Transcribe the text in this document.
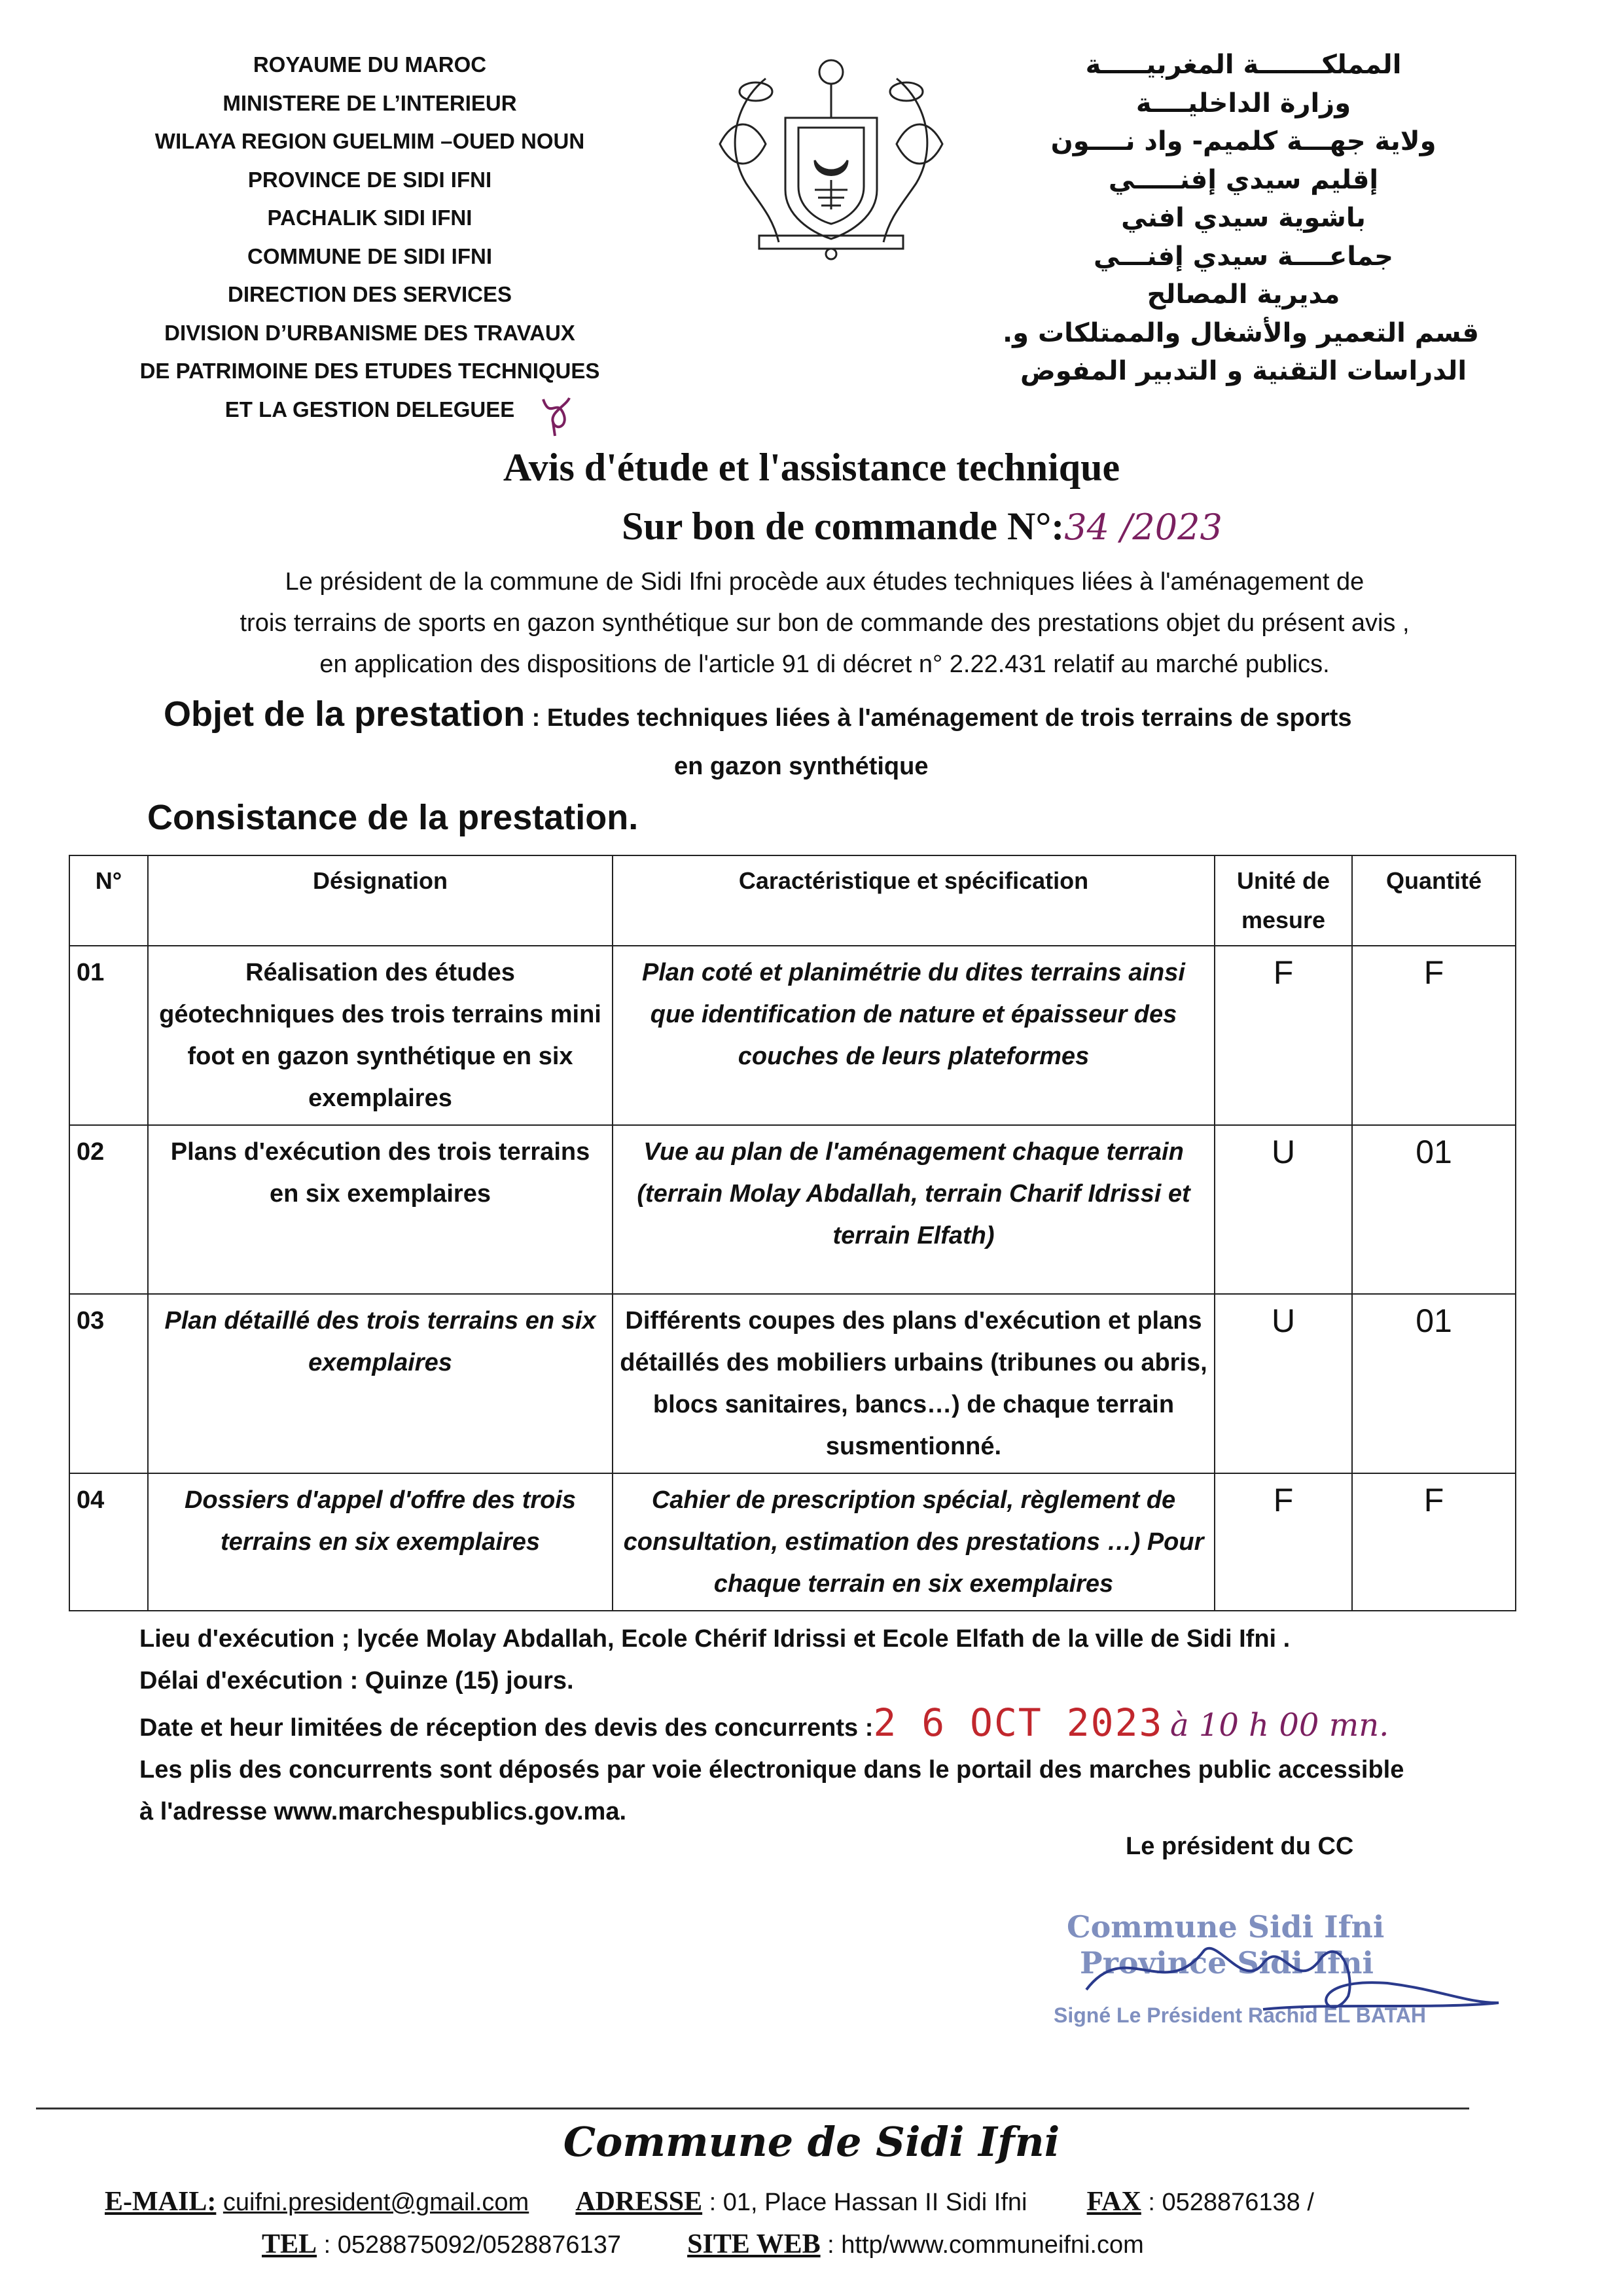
ROYAUME DU MAROC
MINISTERE DE L’INTERIEUR
WILAYA REGION GUELMIM –OUED NOUN
PROVINCE DE SIDI IFNI
PACHALIK SIDI IFNI
COMMUNE DE SIDI IFNI
DIRECTION DES SERVICES
DIVISION D’URBANISME DES TRAVAUX
DE PATRIMOINE DES ETUDES TECHNIQUES
ET LA GESTION DELEGUEE
المملكـــــــة المغربيـــــة
وزارة الداخليــــة
ولاية جهـــة كلميم- واد نــــون
إقليم سيدي إفنـــــي
باشوية سيدي افني
جماعــــة سيدي إفنـــي
مديرية المصالح
قسم التعمير والأشغال والممتلكات و.
الدراسات التقنية و التدبير المفوض
Avis d'étude et l'assistance technique
Sur bon de commande N°:34 /2023
Le président de la commune de Sidi Ifni procède aux études techniques liées à l'aménagement de
trois terrains de sports en gazon synthétique sur bon de commande des prestations objet du présent avis ,
en application des dispositions de l'article 91 di décret n° 2.22.431 relatif au marché publics.
Objet de la prestation : Etudes techniques liées à l'aménagement de trois terrains de sports
en gazon synthétique
Consistance de la prestation.
N°	Désignation	Caractéristique et spécification	Unité de mesure	Quantité
01	Réalisation des études géotechniques des trois terrains mini foot en gazon synthétique en six exemplaires	Plan coté et planimétrie du dites terrains ainsi que identification de nature et épaisseur des couches de leurs plateformes	F	F
02	Plans d'exécution des trois terrains en six exemplaires	Vue au plan de l'aménagement chaque terrain (terrain Molay Abdallah, terrain Charif Idrissi et terrain Elfath)	U	01
03	Plan détaillé des trois terrains en six exemplaires	Différents coupes des plans d'exécution et plans détaillés des mobiliers urbains (tribunes ou abris, blocs sanitaires, bancs…) de chaque terrain susmentionné.	U	01
04	Dossiers d'appel d'offre des trois terrains en six exemplaires	Cahier de prescription spécial, règlement de consultation, estimation des prestations …) Pour chaque terrain en six exemplaires	F	F
Lieu d'exécution ; lycée Molay Abdallah, Ecole Chérif Idrissi et Ecole Elfath de la ville de Sidi Ifni .
Délai d'exécution : Quinze (15) jours.
Date et heur limitées de réception des devis des concurrents :2 6 OCT 2023 à 10 h 00 mn.
Les plis des concurrents sont déposés par voie électronique dans le portail des marches public accessible
à l'adresse www.marchespublics.gov.ma.
Le président du CC
Commune Sidi Ifni
Province Sidi Ifni
Signé Le Président Rachid EL BATAH
Commune de Sidi Ifni
E-MAIL: cuifni.president@gmail.com ADRESSE : 01, Place Hassan II Sidi Ifni FAX : 0528876138 /
TEL : 0528875092/0528876137 SITE WEB : http/www.communeifni.com
